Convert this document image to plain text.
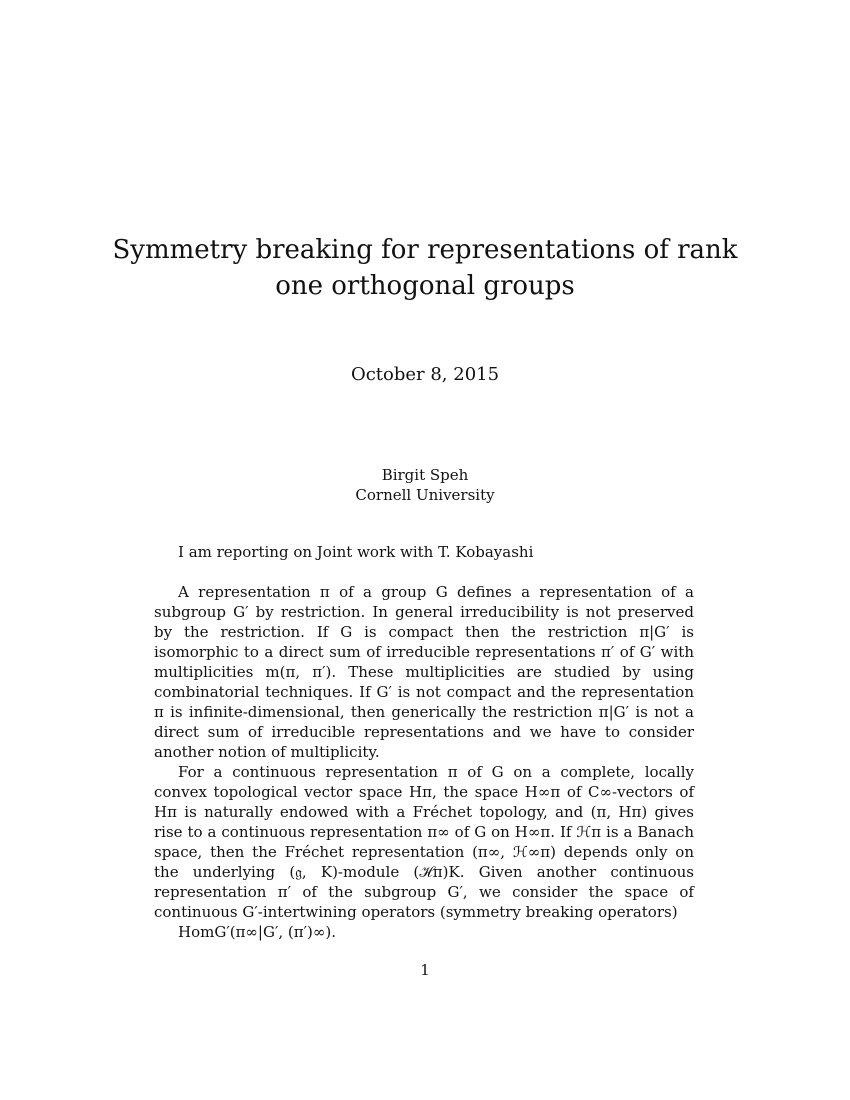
Symmetry breaking for representations of rank one orthogonal groups
October 8, 2015
Birgit Speh
Cornell University

I am reporting on Joint work with T. Kobayashi

A representation π of a group G defines a representation of a subgroup G′ by restriction. In general irreducibility is not preserved by the restriction. If G is compact then the restriction π|G′ is isomorphic to a direct sum of irreducible representations π′ of G′ with multiplicities m(π, π′). These multiplicities are studied by using combinatorial techniques. If G′ is not compact and the representation π is infinite-dimensional, then generically the restriction π|G′ is not a direct sum of irreducible representations and we have to consider another notion of multiplicity.

For a continuous representation π of G on a complete, locally convex topological vector space Hπ, the space H∞π of C∞-vectors of Hπ is naturally endowed with a Fréchet topology, and (π, Hπ) gives rise to a continuous representation π∞ of G on H∞π. If ℋπ is a Banach space, then the Fréchet representation (π∞, ℋ∞π) depends only on the underlying (𝔤, K)-module (ℋπ)K. Given another continuous representation π′ of the subgroup G′, we consider the space of continuous G′-intertwining operators (symmetry breaking operators)

HomG′(π∞|G′, (π′)∞).

1
